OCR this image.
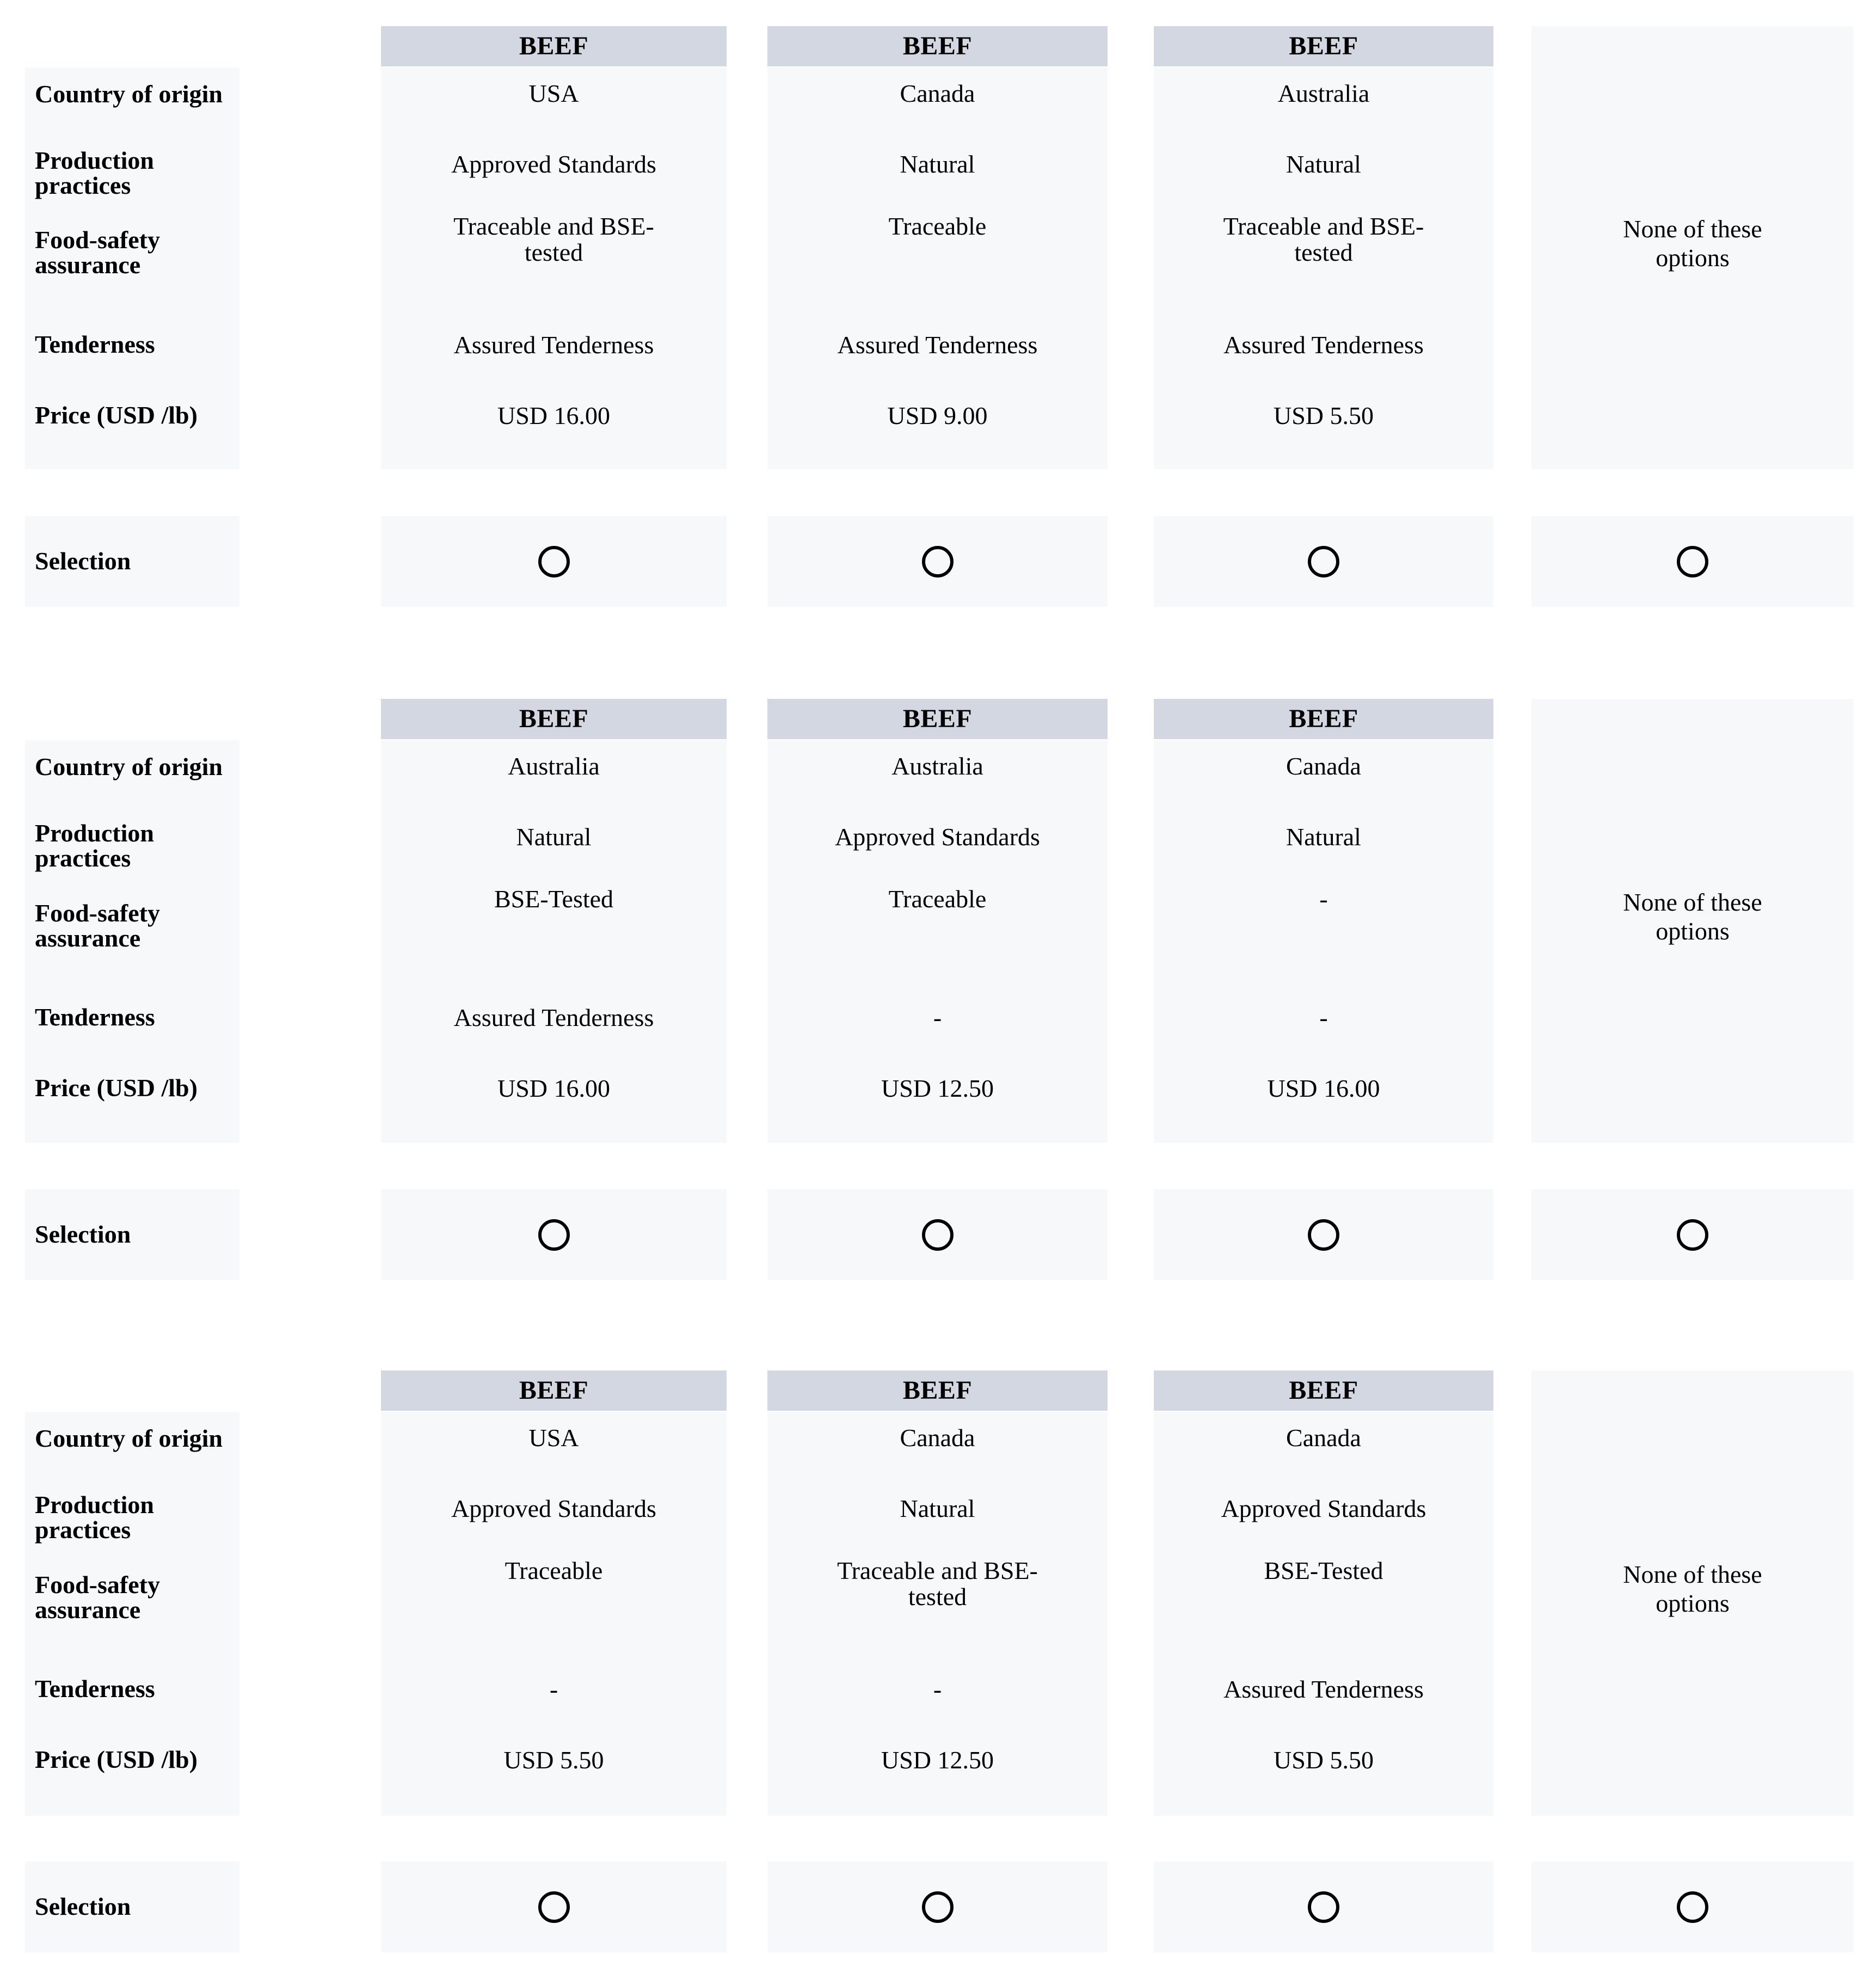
Country of origin
Production
practices
Food-safety
assurance
Tenderness
Price (USD /lb)
BEEF
USA
Approved Standards
Traceable and BSE-
tested
Assured Tenderness
USD 16.00
BEEF
Canada
Natural
Traceable
Assured Tenderness
USD 9.00
BEEF
Australia
Natural
Traceable and BSE-
tested
Assured Tenderness
USD 5.50
None of these
options
Selection
Country of origin
Production
practices
Food-safety
assurance
Tenderness
Price (USD /lb)
BEEF
Australia
Natural
BSE-Tested
Assured Tenderness
USD 16.00
BEEF
Australia
Approved Standards
Traceable
-
USD 12.50
BEEF
Canada
Natural
-
-
USD 16.00
None of these
options
Selection
Country of origin
Production
practices
Food-safety
assurance
Tenderness
Price (USD /lb)
BEEF
USA
Approved Standards
Traceable
-
USD 5.50
BEEF
Canada
Natural
Traceable and BSE-
tested
-
USD 12.50
BEEF
Canada
Approved Standards
BSE-Tested
Assured Tenderness
USD 5.50
None of these
options
Selection
